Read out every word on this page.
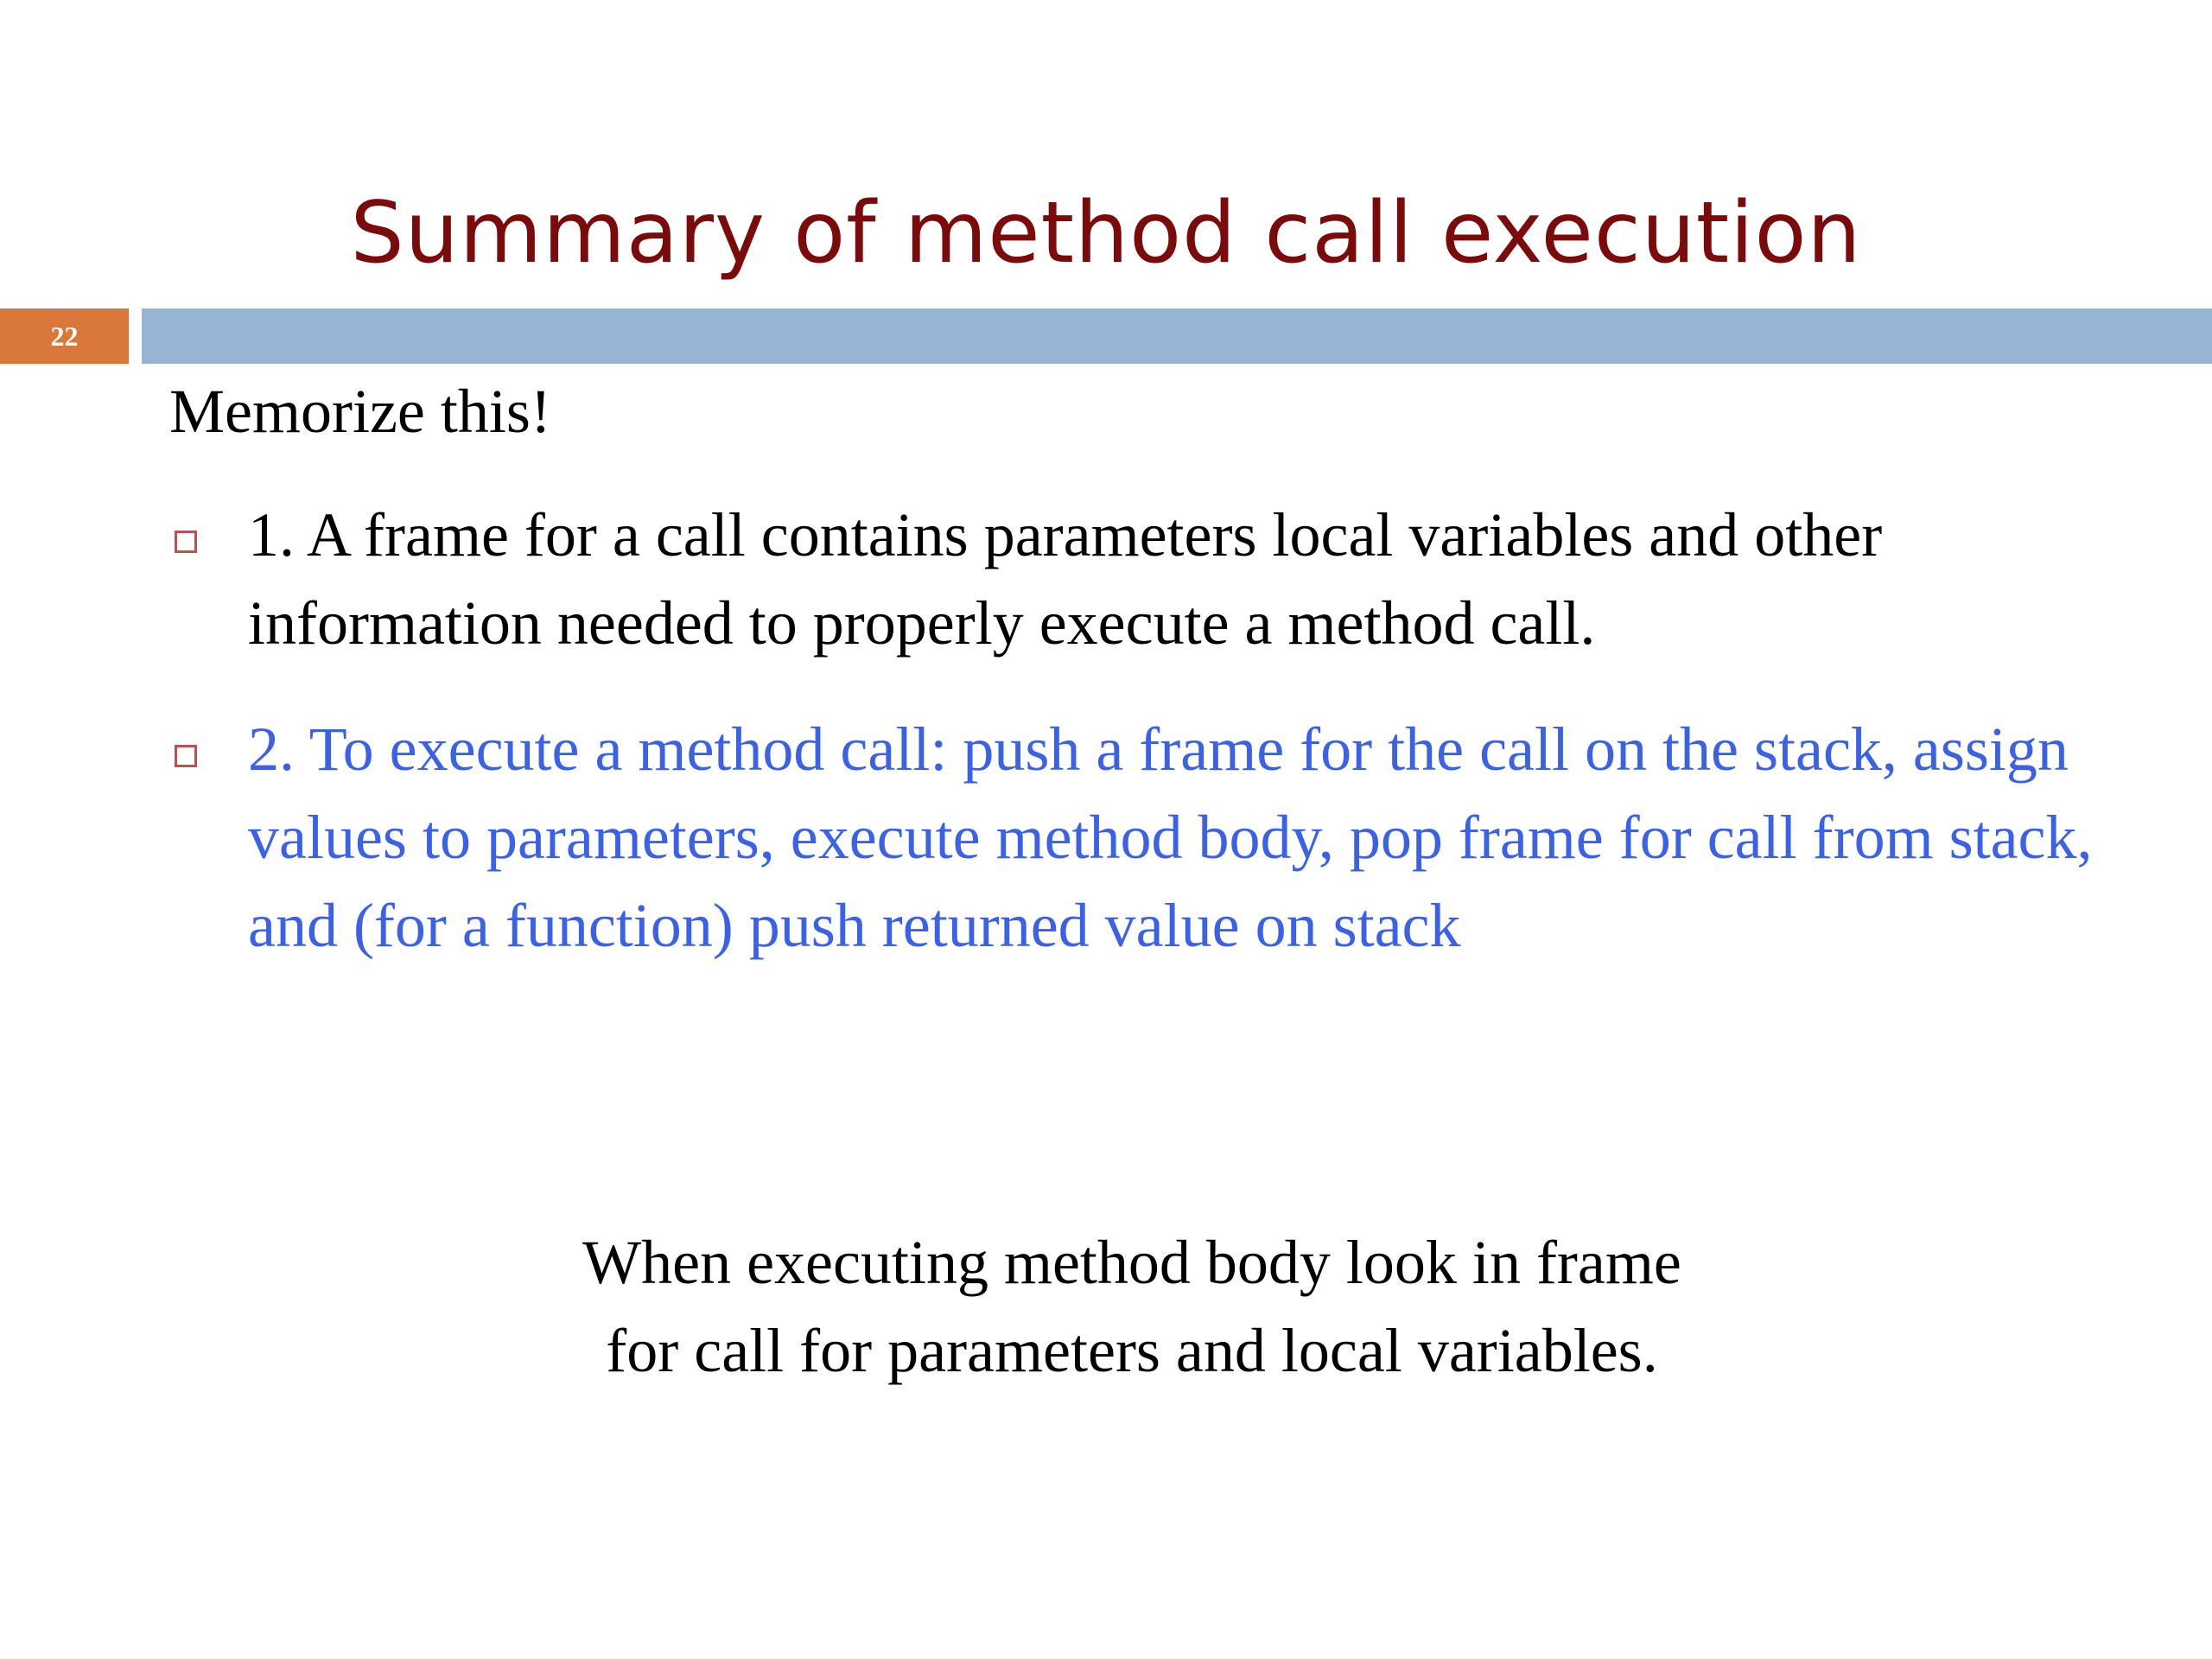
Summary of method call execution
22
Memorize this!
1. A frame for a call contains parameters local variables and other information needed to properly execute a method call.
2. To execute a method call: push a frame for the call on the stack, assign values to parameters, execute method body, pop frame for call from stack, and (for a function) push returned value on stack
When executing method body look in frame
for call for parameters and local variables.
